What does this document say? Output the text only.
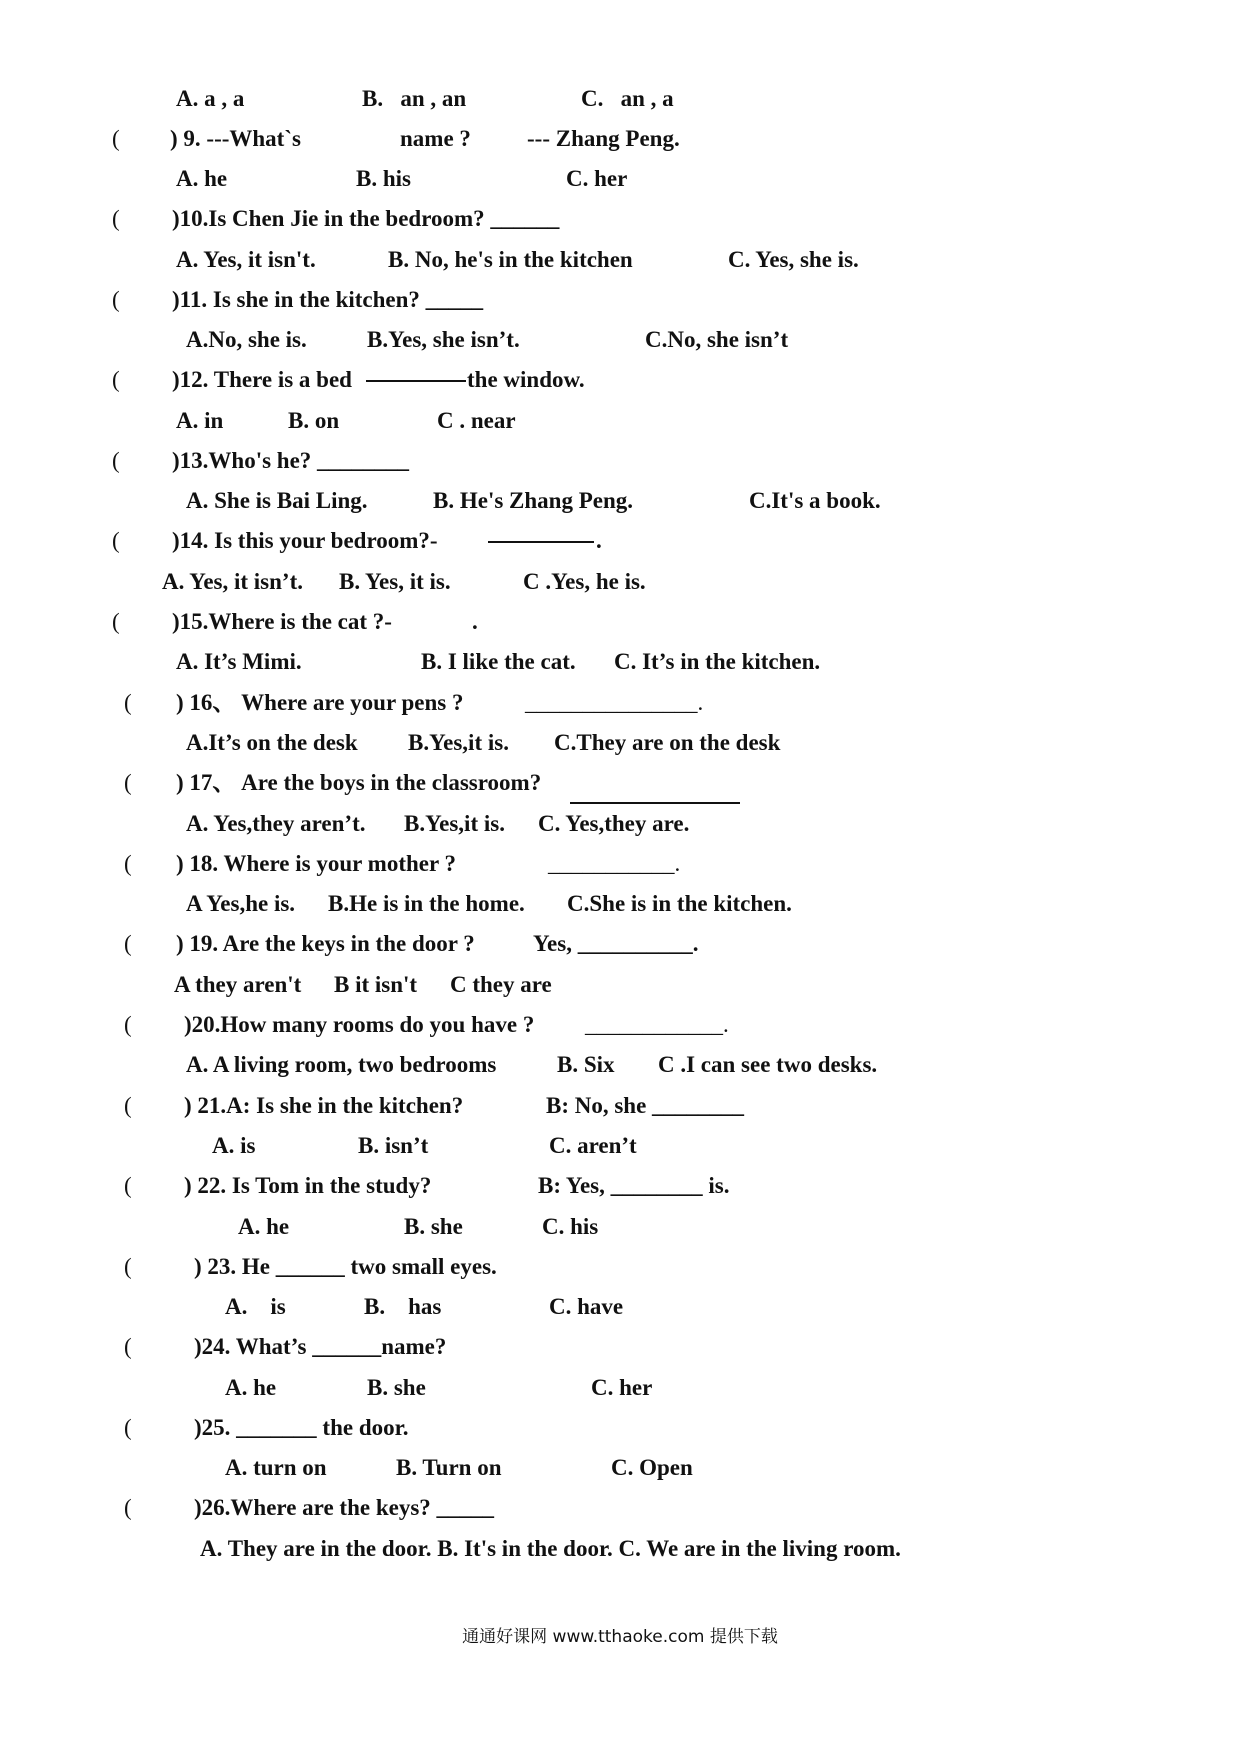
A. a , a

	B.   an , an

	C.   an , a

(

) 9. ---What`s

	name ?

--- Zhang Peng.

A. he

	B. his

	C. her

(

)10.Is Chen Jie in the bedroom? ______

A. Yes, it isn't.

	B. No, he's in the kitchen

	C. Yes, she is.

(

)11. Is she in the kitchen? _____

A.No, she is.

	B.Yes, she isn’t.

	C.No, she isn’t

(

)12. There is a bed

	the window.

A. in

	B. on

	C . near

(

)13.Who's he? ________

A. She is Bai Ling.

	B. He's Zhang Peng.

	C.It's a book.

(

)14. Is this your bedroom?-

	.

A. Yes, it isn’t.

B. Yes, it is.

	C .Yes, he is.

(

)15.Where is the cat ?-

	.

A. It’s Mimi.

	B. I like the cat.

C. It’s in the kitchen.

(

) 16、 Where are your pens ?

	_______________.

A.It’s on the desk

B.Yes,it is.

C.They are on the desk

(

) 17、 Are the boys in the classroom?

A. Yes,they aren’t.

B.Yes,it is.

C. Yes,they are.

(

) 18. Where is your mother ?

	___________.

A Yes,he is.

B.He is in the home.

C.She is in the kitchen.

(

) 19. Are the keys in the door ?

	Yes, __________.

A they aren't

B it isn't

C they are

(

)20.How many rooms do you have ?

____________.

A. A living room, two bedrooms

	B. Six

C .I can see two desks.

(

) 21.A: Is she in the kitchen?

	B: No, she ________

A. is

	B. isn’t

	C. aren’t

(

) 22. Is Tom in the study?

	B: Yes, ________ is.

A. he

	B. she

	C. his

(

	) 23. He ______ two small eyes.

A.    is

	B.    has

	C. have

(

	)24. What’s ______name?

A. he

	B. she

	C. her

(

	)25. _______ the door.

A. turn on

	B. Turn on

	C. Open

(

	)26.Where are the keys? _____

A. They are in the door. B. It's in the door. C. We are in the living room.

通通好课网 www.tthaoke.com 提供下载
